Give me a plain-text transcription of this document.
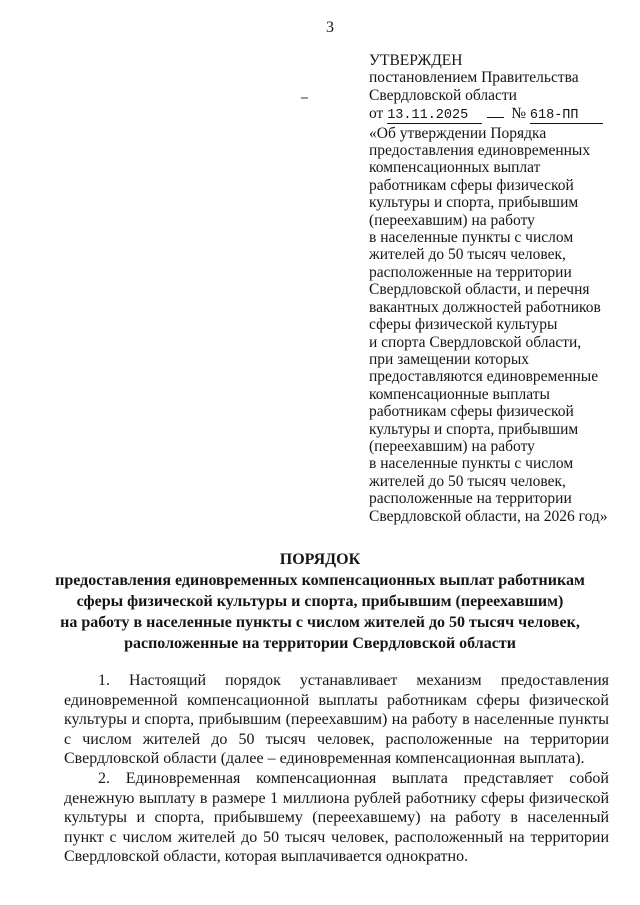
3
УТВЕРЖДЕН
постановлением Правительства
Свердловской области
от 13.11.2025	№ 618-ПП
«Об утверждении Порядка
предоставления единовременных
компенсационных выплат
работникам сферы физической
культуры и спорта, прибывшим
(переехавшим) на работу
в населенные пункты с числом
жителей до 50 тысяч человек,
расположенные на территории
Свердловской области, и перечня
вакантных должностей работников
сферы физической культуры
и спорта Свердловской области,
при замещении которых
предоставляются единовременные
компенсационные выплаты
работникам сферы физической
культуры и спорта, прибывшим
(переехавшим) на работу
в населенные пункты с числом
жителей до 50 тысяч человек,
расположенные на территории
Свердловской области, на 2026 год»
ПОРЯДОК
предоставления единовременных компенсационных выплат работникам
сферы физической культуры и спорта, прибывшим (переехавшим)
на работу в населенные пункты с числом жителей до 50 тысяч человек,
расположенные на территории Свердловской области
1. Настоящий порядок устанавливает механизм предоставления единовременной компенсационной выплаты работникам сферы физической культуры и спорта, прибывшим (переехавшим) на работу в населенные пункты с числом жителей до 50 тысяч человек, расположенные на территории Свердловской области (далее – единовременная компенсационная выплата).
2. Единовременная компенсационная выплата представляет собой денежную выплату в размере 1 миллиона рублей работнику сферы физической культуры и спорта, прибывшему (переехавшему) на работу в населенный пункт с числом жителей до 50 тысяч человек, расположенный на территории Свердловской области, которая выплачивается однократно.
